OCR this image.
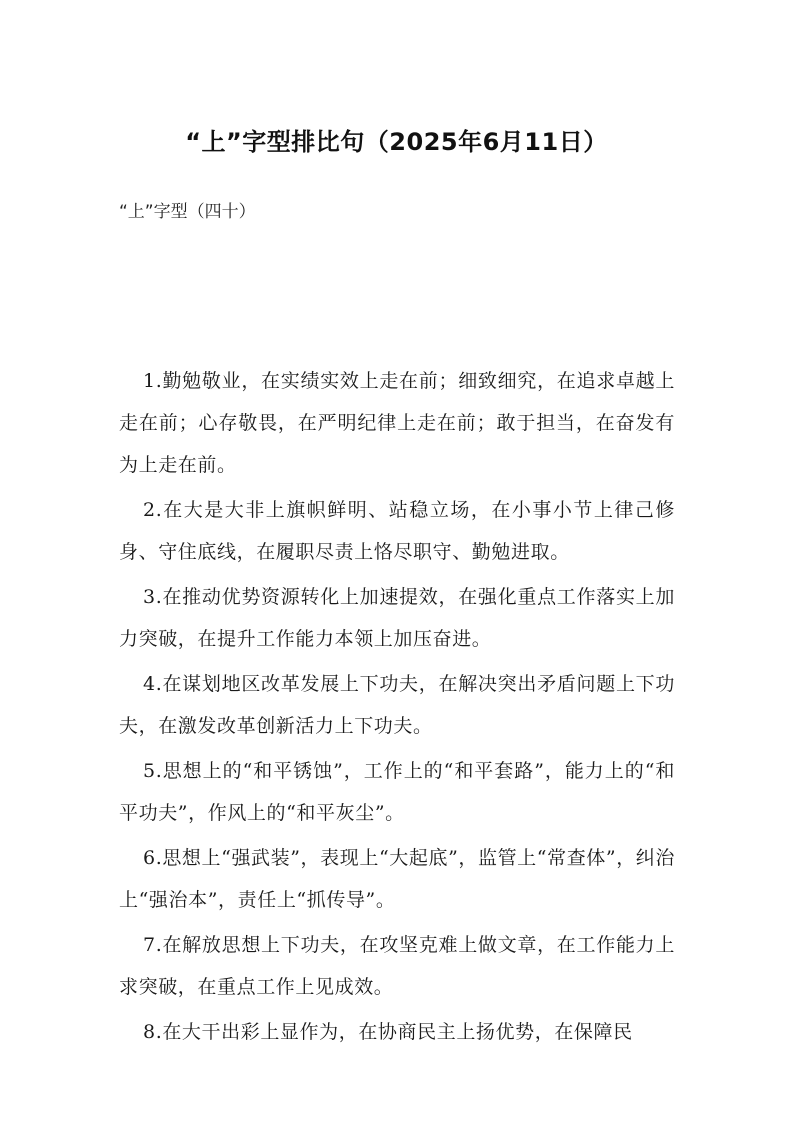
“上”字型排比句（2025年6月11日）
“上”字型（四十）

1.勤勉敬业，在实绩实效上走在前；细致细究，在追求卓越上走在前；心存敬畏，在严明纪律上走在前；敢于担当，在奋发有为上走在前。

2.在大是大非上旗帜鲜明、站稳立场，在小事小节上律己修身、守住底线，在履职尽责上恪尽职守、勤勉进取。

3.在推动优势资源转化上加速提效，在强化重点工作落实上加力突破，在提升工作能力本领上加压奋进。

4.在谋划地区改革发展上下功夫，在解决突出矛盾问题上下功夫，在激发改革创新活力上下功夫。

5.思想上的“和平锈蚀”，工作上的“和平套路”，能力上的“和平功夫”，作风上的“和平灰尘”。

6.思想上“强武装”，表现上“大起底”，监管上“常查体”，纠治上“强治本”，责任上“抓传导”。

7.在解放思想上下功夫，在攻坚克难上做文章，在工作能力上求突破，在重点工作上见成效。

8.在大干出彩上显作为，在协商民主上扬优势，在保障民
